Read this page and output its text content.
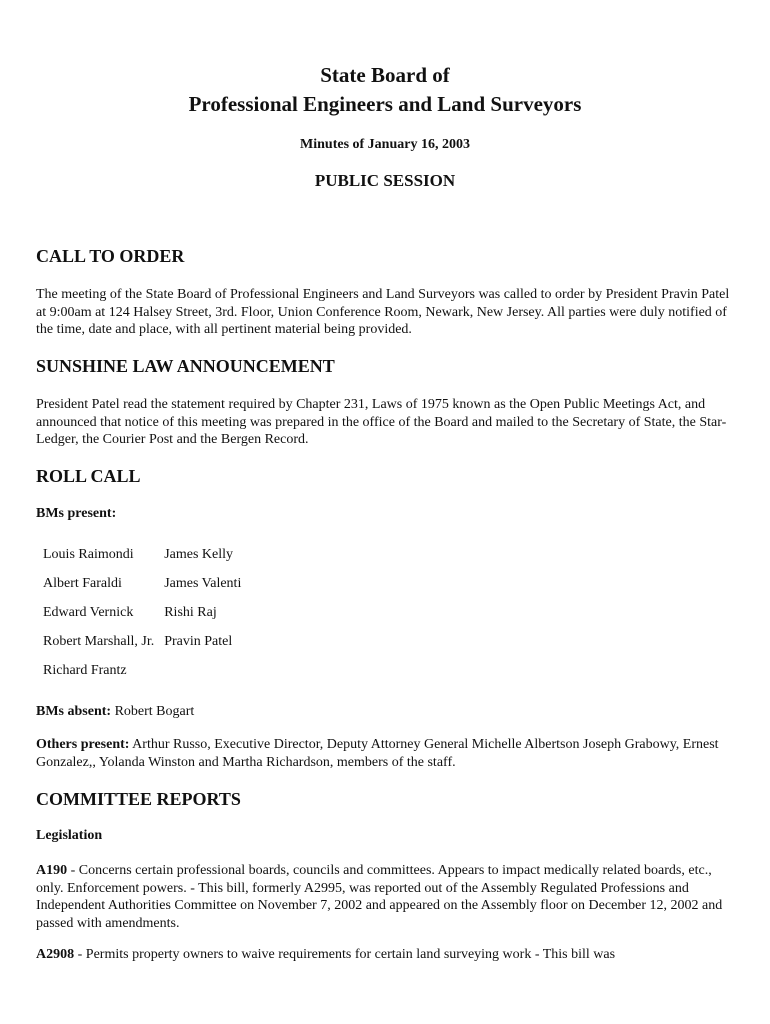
State Board of
Professional Engineers and Land Surveyors
Minutes of January 16, 2003
PUBLIC SESSION
CALL TO ORDER

The meeting of the State Board of Professional Engineers and Land Surveyors was called to order by President Pravin Patel at 9:00am at 124 Halsey Street, 3rd. Floor, Union Conference Room, Newark, New Jersey. All parties were duly notified of the time, date and place, with all pertinent material being provided.

SUNSHINE LAW ANNOUNCEMENT

President Patel read the statement required by Chapter 231, Laws of 1975 known as the Open Public Meetings Act, and announced that notice of this meeting was prepared in the office of the Board and mailed to the Secretary of State, the Star-Ledger, the Courier Post and the Bergen Record.

ROLL CALL

BMs present:

Louis Raimondi	James Kelly
Albert Faraldi	James Valenti
Edward Vernick	Rishi Raj
Robert Marshall, Jr.	Pravin Patel
Richard Frantz	

BMs absent: Robert Bogart

Others present: Arthur Russo, Executive Director, Deputy Attorney General Michelle Albertson Joseph Grabowy, Ernest Gonzalez,, Yolanda Winston and Martha Richardson, members of the staff.

COMMITTEE REPORTS

Legislation

A190 - Concerns certain professional boards, councils and committees. Appears to impact medically related boards, etc., only. Enforcement powers. - This bill, formerly A2995, was reported out of the Assembly Regulated Professions and Independent Authorities Committee on November 7, 2002 and appeared on the Assembly floor on December 12, 2002 and passed with amendments.

A2908 - Permits property owners to waive requirements for certain land surveying work - This bill was
